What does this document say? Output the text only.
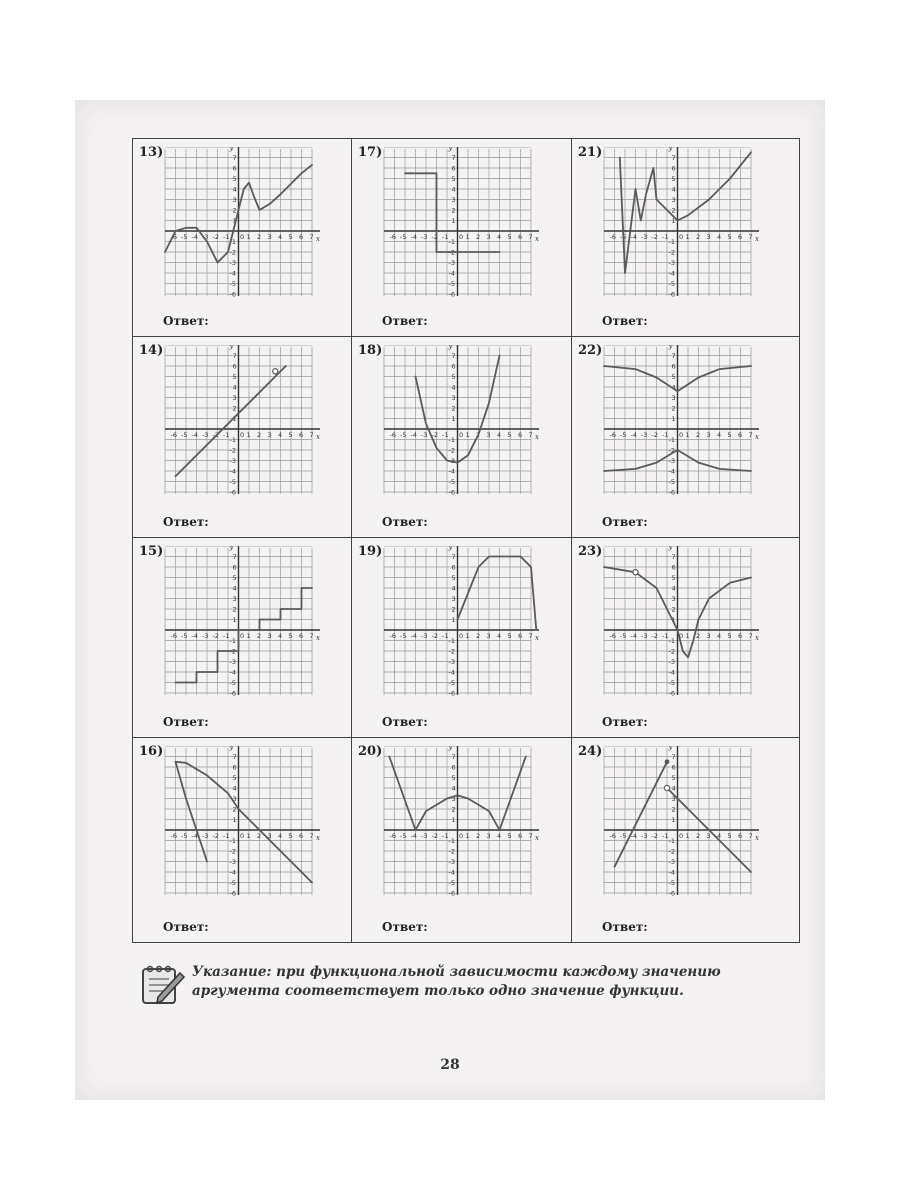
13)
x
y
-6
-6
-5
-5
-4
-4
-3
-3
-2
-2
-1
-1
0 1
1
2
2
3
3
4
4
5
5
6
6
7
7
Ответ:
17)
x
y
-6
-6
-5
-5
-4
-4
-3
-3
-2
-2
-1
-1
0 1
1
2
2
3
3
4
4
5
5
6
6
7
7
Ответ:
21)
x
y
-6
-6
-5
-5
-4
-4
-3
-3
-2
-2
-1
-1
0 1
1
2
2
3
3
4
4
5
5
6
6
7
7
Ответ:
14)
x
y
-6
-6
-5
-5
-4
-4
-3
-3
-2
-2
-1
-1
0 1
1
2
2
3
3
4
4
5
5
6
6
7
7
Ответ:
18)
x
y
-6
-6
-5
-5
-4
-4
-3
-3
-2
-2
-1
-1
0 1
1
2
2
3
3
4
4
5
5
6
6
7
7
Ответ:
22)
x
y
-6
-6
-5
-5
-4
-4
-3
-3
-2
-2
-1
-1
0 1
1
2
2
3
3
4
4
5
5
6
6
7
7
Ответ:
15)
x
y
-6
-6
-5
-5
-4
-4
-3
-3
-2
-2
-1
-1
0 1
1
2
2
3
3
4
4
5
5
6
6
7
7
Ответ:
19)
x
y
-6
-6
-5
-5
-4
-4
-3
-3
-2
-2
-1
-1
0 1
1
2
2
3
3
4
4
5
5
6
6
7
7
Ответ:
23)
x
y
-6
-6
-5
-5
-4
-4
-3
-3
-2
-2
-1
-1
0 1
1
2
2
3
3
4
4
5
5
6
6
7
7
Ответ:
16)
x
y
-6
-6
-5
-5
-4
-4
-3
-3
-2
-2
-1
-1
0 1
1
2
2
3
3
4
4
5
5
6
6
7
7
Ответ:
20)
x
y
-6
-6
-5
-5
-4
-4
-3
-3
-2
-2
-1
-1
0 1
1
2
2
3
3
4
4
5
5
6
6
7
7
Ответ:
24)
x
y
-6
-6
-5
-5
-4
-4
-3
-3
-2
-2
-1
-1
0 1
1
2
2
3
3
4
4
5
5
6
6
7
7
Ответ:
Указание: при функциональной зависимости каждому значению аргумента соответствует только одно значение функции.
28
